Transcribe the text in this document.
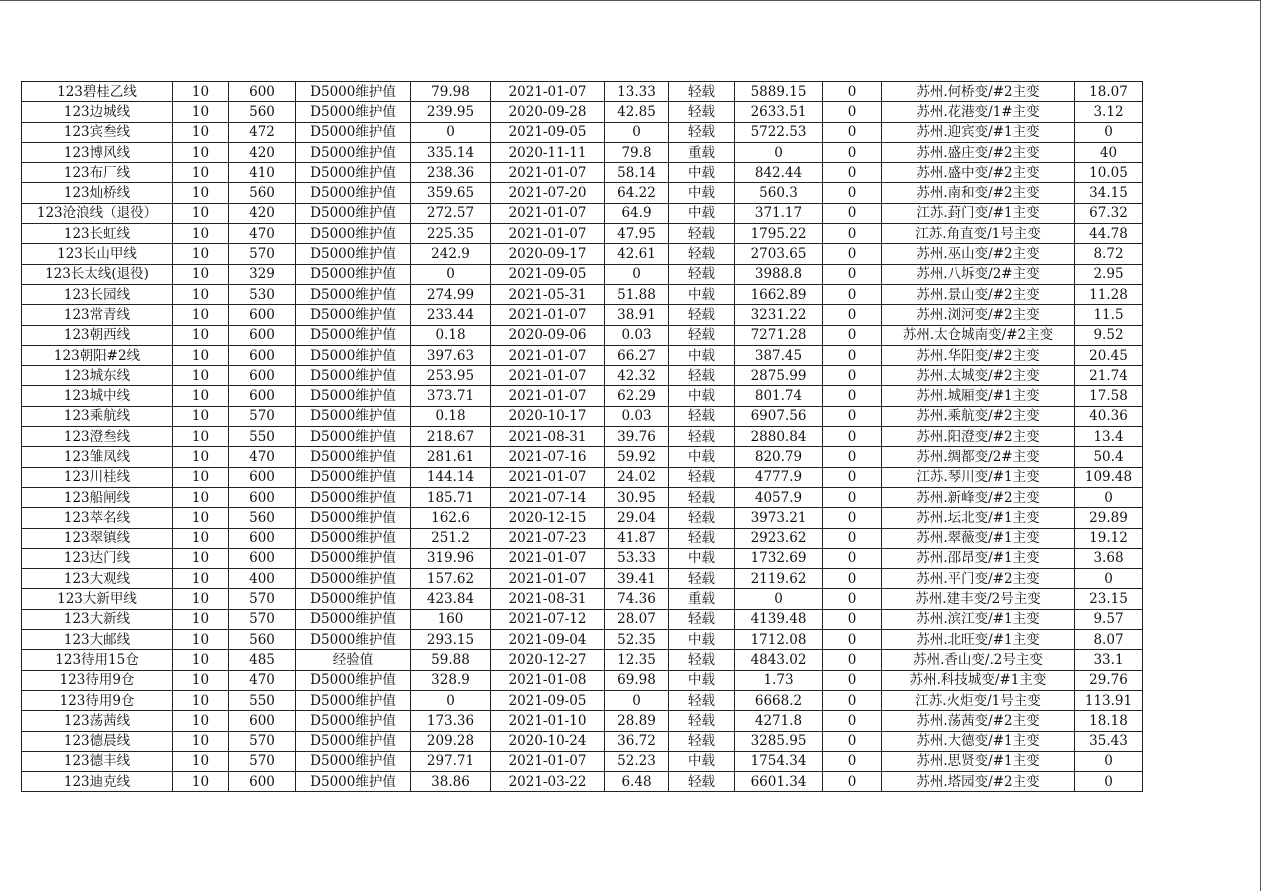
123碧桂乙线	10	600	D5000维护值	79.98	2021-01-07	13.33	轻载	5889.15	0	苏州.何桥变/#2主变	18.07
123边城线	10	560	D5000维护值	239.95	2020-09-28	42.85	轻载	2633.51	0	苏州.花港变/1#主变	3.12
123宾叁线	10	472	D5000维护值	0	2021-09-05	0	轻载	5722.53	0	苏州.迎宾变/#1主变	0
123博风线	10	420	D5000维护值	335.14	2020-11-11	79.8	重载	0	0	苏州.盛庄变/#2主变	40
123布厂线	10	410	D5000维护值	238.36	2021-01-07	58.14	中载	842.44	0	苏州.盛中变/#2主变	10.05
123灿桥线	10	560	D5000维护值	359.65	2021-07-20	64.22	中载	560.3	0	苏州.南和变/#2主变	34.15
123沧浪线（退役）	10	420	D5000维护值	272.57	2021-01-07	64.9	中载	371.17	0	江苏.葑门变/#1主变	67.32
123长虹线	10	470	D5000维护值	225.35	2021-01-07	47.95	轻载	1795.22	0	江苏.角直变/1号主变	44.78
123长山甲线	10	570	D5000维护值	242.9	2020-09-17	42.61	轻载	2703.65	0	苏州.巫山变/#2主变	8.72
123长太线(退役)	10	329	D5000维护值	0	2021-09-05	0	轻载	3988.8	0	苏州.八坼变/2#主变	2.95
123长园线	10	530	D5000维护值	274.99	2021-05-31	51.88	中载	1662.89	0	苏州.景山变/#2主变	11.28
123常青线	10	600	D5000维护值	233.44	2021-01-07	38.91	轻载	3231.22	0	苏州.浏河变/#2主变	11.5
123朝西线	10	600	D5000维护值	0.18	2020-09-06	0.03	轻载	7271.28	0	苏州.太仓城南变/#2主变	9.52
123朝阳#2线	10	600	D5000维护值	397.63	2021-01-07	66.27	中载	387.45	0	苏州.华阳变/#2主变	20.45
123城东线	10	600	D5000维护值	253.95	2021-01-07	42.32	轻载	2875.99	0	苏州.太城变/#2主变	21.74
123城中线	10	600	D5000维护值	373.71	2021-01-07	62.29	中载	801.74	0	苏州.城厢变/#1主变	17.58
123乘航线	10	570	D5000维护值	0.18	2020-10-17	0.03	轻载	6907.56	0	苏州.乘航变/#2主变	40.36
123澄叁线	10	550	D5000维护值	218.67	2021-08-31	39.76	轻载	2880.84	0	苏州.阳澄变/#2主变	13.4
123雏凤线	10	470	D5000维护值	281.61	2021-07-16	59.92	中载	820.79	0	苏州.绸都变/2#主变	50.4
123川桂线	10	600	D5000维护值	144.14	2021-01-07	24.02	轻载	4777.9	0	江苏.琴川变/#1主变	109.48
123船闸线	10	600	D5000维护值	185.71	2021-07-14	30.95	轻载	4057.9	0	苏州.新峰变/#2主变	0
123萃名线	10	560	D5000维护值	162.6	2020-12-15	29.04	轻载	3973.21	0	苏州.坛北变/#1主变	29.89
123翠镇线	10	600	D5000维护值	251.2	2021-07-23	41.87	轻载	2923.62	0	苏州.翠薇变/#1主变	19.12
123达门线	10	600	D5000维护值	319.96	2021-01-07	53.33	中载	1732.69	0	苏州.邵昂变/#1主变	3.68
123大观线	10	400	D5000维护值	157.62	2021-01-07	39.41	轻载	2119.62	0	苏州.平门变/#2主变	0
123大新甲线	10	570	D5000维护值	423.84	2021-08-31	74.36	重载	0	0	苏州.建丰变/2号主变	23.15
123大新线	10	570	D5000维护值	160	2021-07-12	28.07	轻载	4139.48	0	苏州.滨江变/#1主变	9.57
123大邮线	10	560	D5000维护值	293.15	2021-09-04	52.35	中载	1712.08	0	苏州.北旺变/#1主变	8.07
123待用15仓	10	485	经验值	59.88	2020-12-27	12.35	轻载	4843.02	0	苏州.香山变/.2号主变	33.1
123待用9仓	10	470	D5000维护值	328.9	2021-01-08	69.98	中载	1.73	0	苏州.科技城变/#1主变	29.76
123待用9仓	10	550	D5000维护值	0	2021-09-05	0	轻载	6668.2	0	江苏.火炬变/1号主变	113.91
123荡茜线	10	600	D5000维护值	173.36	2021-01-10	28.89	轻载	4271.8	0	苏州.荡茜变/#2主变	18.18
123德晨线	10	570	D5000维护值	209.28	2020-10-24	36.72	轻载	3285.95	0	苏州.大德变/#1主变	35.43
123德丰线	10	570	D5000维护值	297.71	2021-01-07	52.23	中载	1754.34	0	苏州.思贤变/#1主变	0
123迪克线	10	600	D5000维护值	38.86	2021-03-22	6.48	轻载	6601.34	0	苏州.塔园变/#2主变	0
